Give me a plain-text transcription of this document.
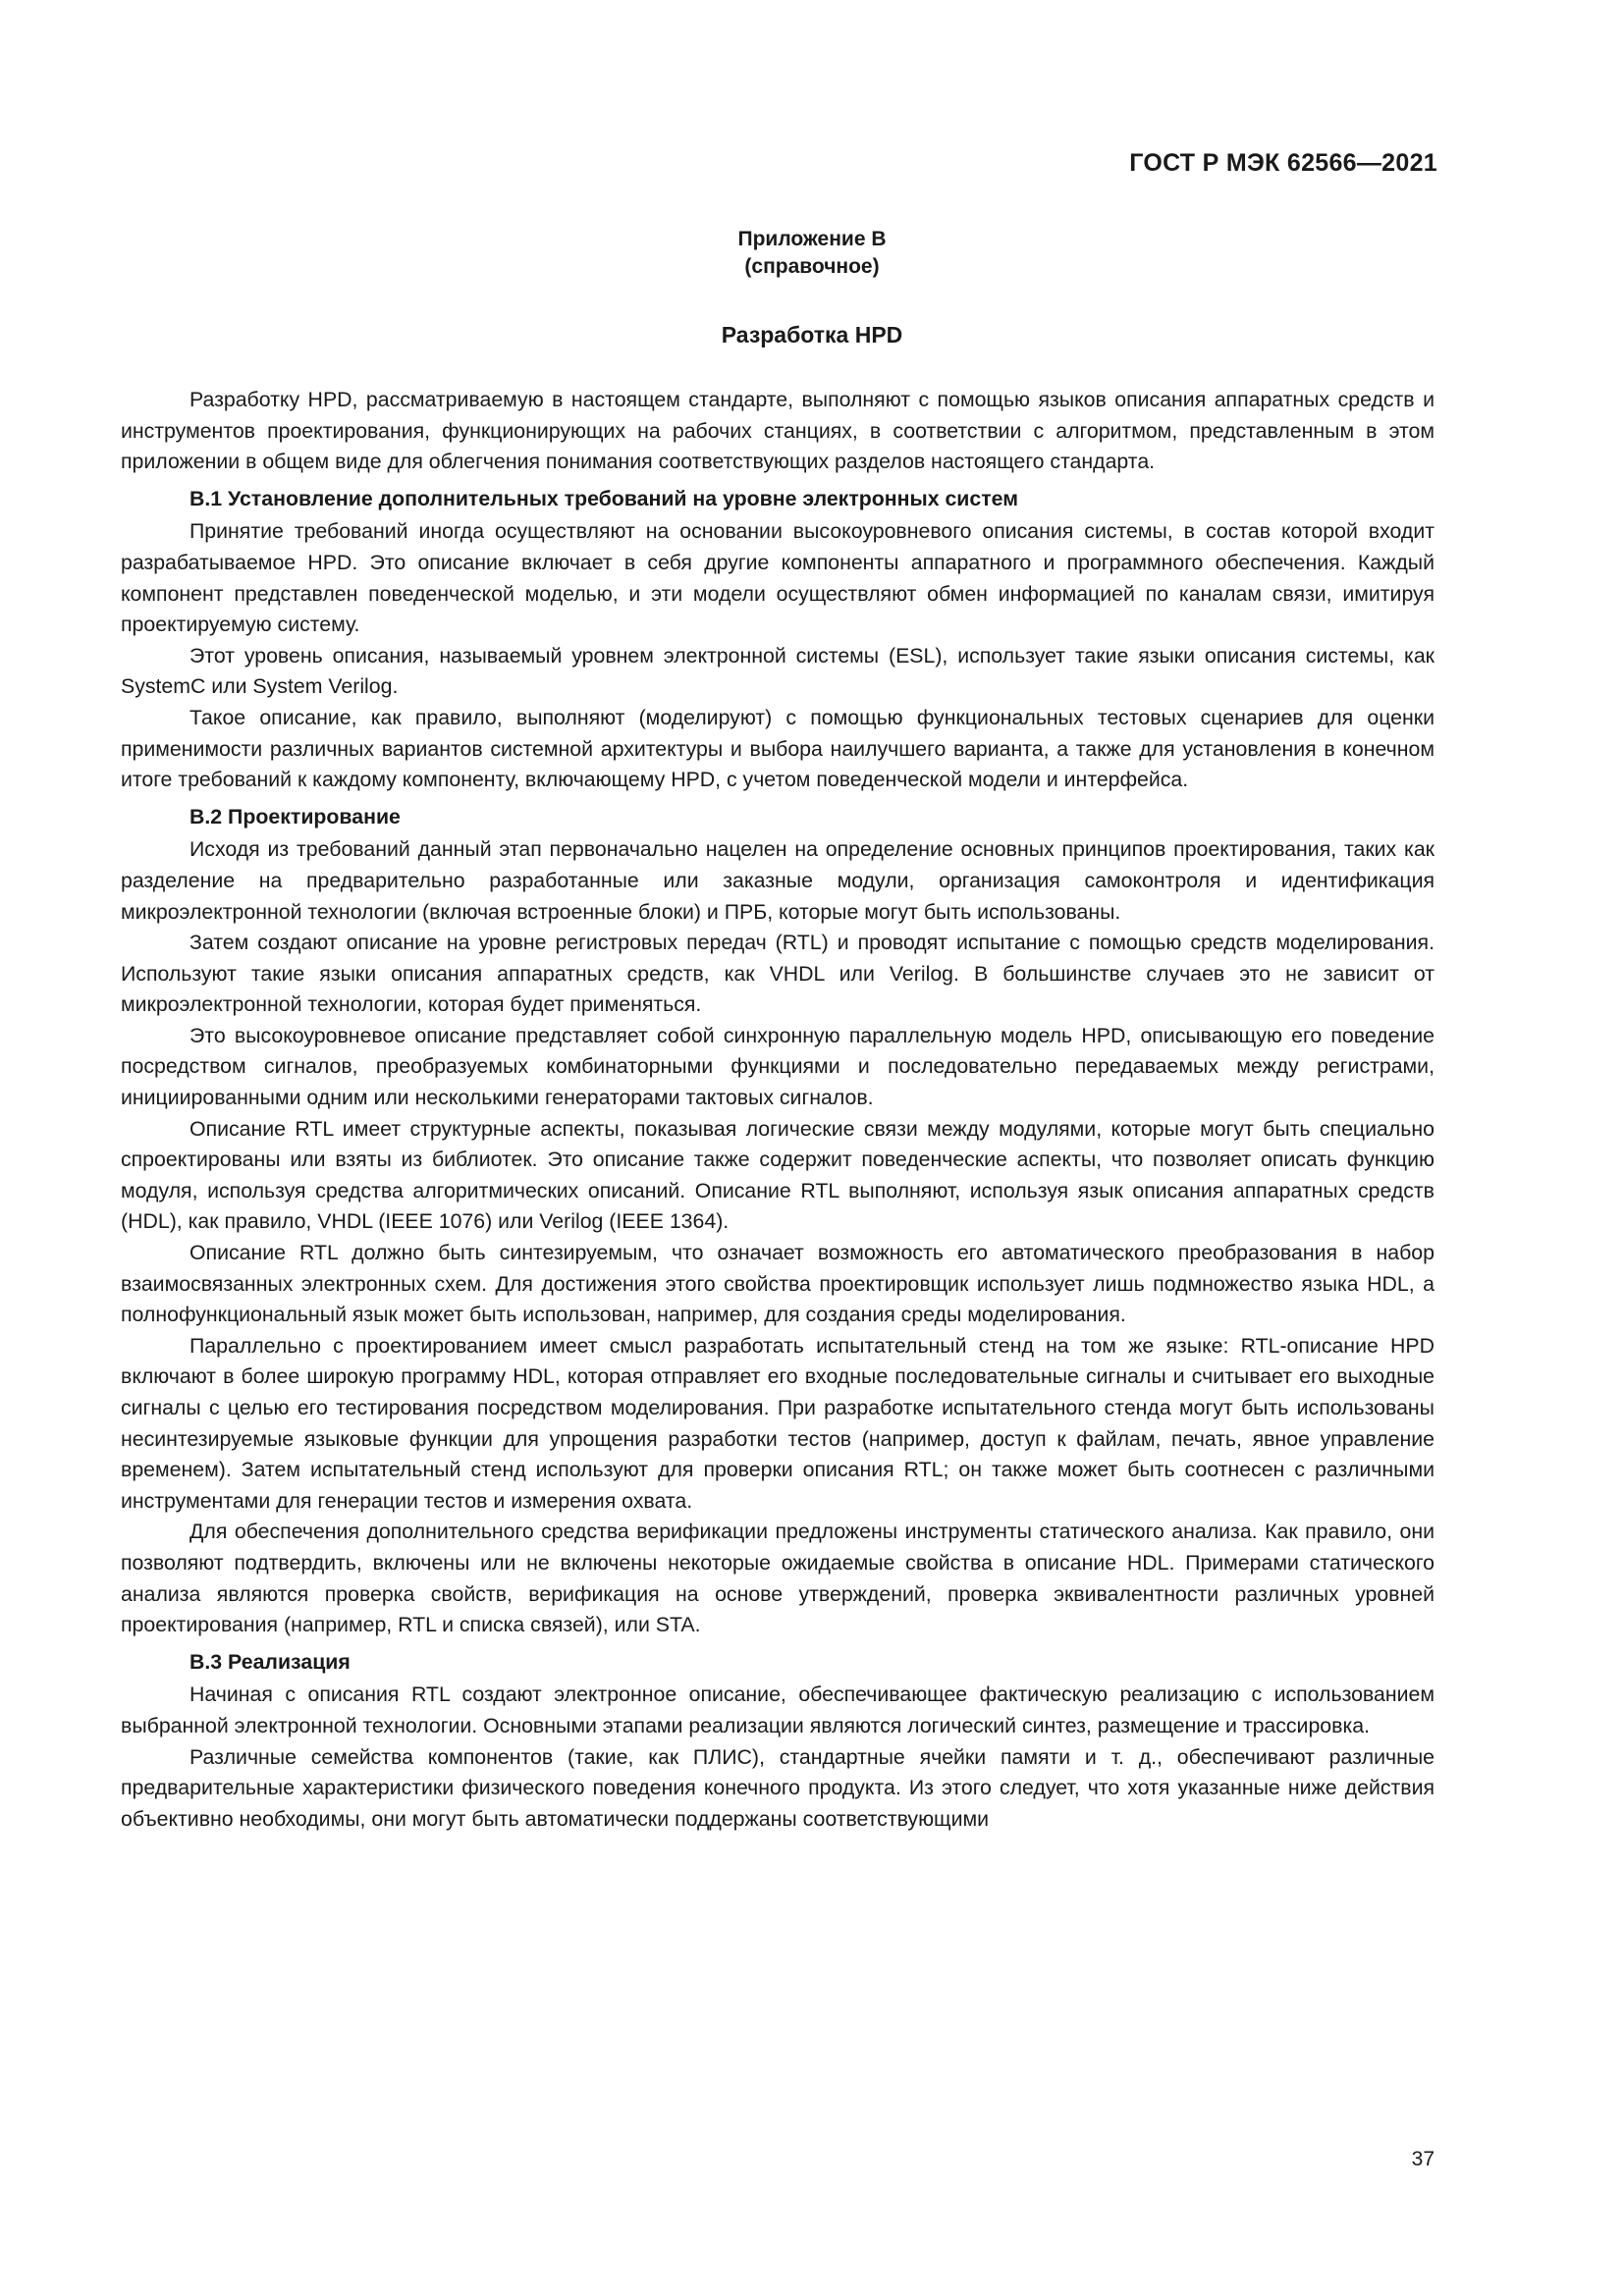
ГОСТ Р МЭК 62566—2021
Приложение В
(справочное)
Разработка HPD

Разработку HPD, рассматриваемую в настоящем стандарте, выполняют с помощью языков описания аппаратных средств и инструментов проектирования, функционирующих на рабочих станциях, в соответствии с алгоритмом, представленным в этом приложении в общем виде для облегчения понимания соответствующих разделов настоящего стандарта.

В.1 Установление дополнительных требований на уровне электронных систем

Принятие требований иногда осуществляют на основании высокоуровневого описания системы, в состав которой входит разрабатываемое HPD. Это описание включает в себя другие компоненты аппаратного и программного обеспечения. Каждый компонент представлен поведенческой моделью, и эти модели осуществляют обмен информацией по каналам связи, имитируя проектируемую систему.

Этот уровень описания, называемый уровнем электронной системы (ESL), использует такие языки описания системы, как SystemC или System Verilog.

Такое описание, как правило, выполняют (моделируют) с помощью функциональных тестовых сценариев для оценки применимости различных вариантов системной архитектуры и выбора наилучшего варианта, а также для установления в конечном итоге требований к каждому компоненту, включающему HPD, с учетом поведенческой модели и интерфейса.

В.2 Проектирование

Исходя из требований данный этап первоначально нацелен на определение основных принципов проектирования, таких как разделение на предварительно разработанные или заказные модули, организация самоконтроля и идентификация микроэлектронной технологии (включая встроенные блоки) и ПРБ, которые могут быть использованы.

Затем создают описание на уровне регистровых передач (RTL) и проводят испытание с помощью средств моделирования. Используют такие языки описания аппаратных средств, как VHDL или Verilog. В большинстве случаев это не зависит от микроэлектронной технологии, которая будет применяться.

Это высокоуровневое описание представляет собой синхронную параллельную модель HPD, описывающую его поведение посредством сигналов, преобразуемых комбинаторными функциями и последовательно передаваемых между регистрами, инициированными одним или несколькими генераторами тактовых сигналов.

Описание RTL имеет структурные аспекты, показывая логические связи между модулями, которые могут быть специально спроектированы или взяты из библиотек. Это описание также содержит поведенческие аспекты, что позволяет описать функцию модуля, используя средства алгоритмических описаний. Описание RTL выполняют, используя язык описания аппаратных средств (HDL), как правило, VHDL (IEEE 1076) или Verilog (IEEE 1364).

Описание RTL должно быть синтезируемым, что означает возможность его автоматического преобразования в набор взаимосвязанных электронных схем. Для достижения этого свойства проектировщик использует лишь подмножество языка HDL, а полнофункциональный язык может быть использован, например, для создания среды моделирования.

Параллельно с проектированием имеет смысл разработать испытательный стенд на том же языке: RTL-описание HPD включают в более широкую программу HDL, которая отправляет его входные последовательные сигналы и считывает его выходные сигналы с целью его тестирования посредством моделирования. При разработке испытательного стенда могут быть использованы несинтезируемые языковые функции для упрощения разработки тестов (например, доступ к файлам, печать, явное управление временем). Затем испытательный стенд используют для проверки описания RTL; он также может быть соотнесен с различными инструментами для генерации тестов и измерения охвата.

Для обеспечения дополнительного средства верификации предложены инструменты статического анализа. Как правило, они позволяют подтвердить, включены или не включены некоторые ожидаемые свойства в описание HDL. Примерами статического анализа являются проверка свойств, верификация на основе утверждений, проверка эквивалентности различных уровней проектирования (например, RTL и списка связей), или STA.

В.3 Реализация

Начиная с описания RTL создают электронное описание, обеспечивающее фактическую реализацию с использованием выбранной электронной технологии. Основными этапами реализации являются логический синтез, размещение и трассировка.

Различные семейства компонентов (такие, как ПЛИС), стандартные ячейки памяти и т. д., обеспечивают различные предварительные характеристики физического поведения конечного продукта. Из этого следует, что хотя указанные ниже действия объективно необходимы, они могут быть автоматически поддержаны соответствующими

37
